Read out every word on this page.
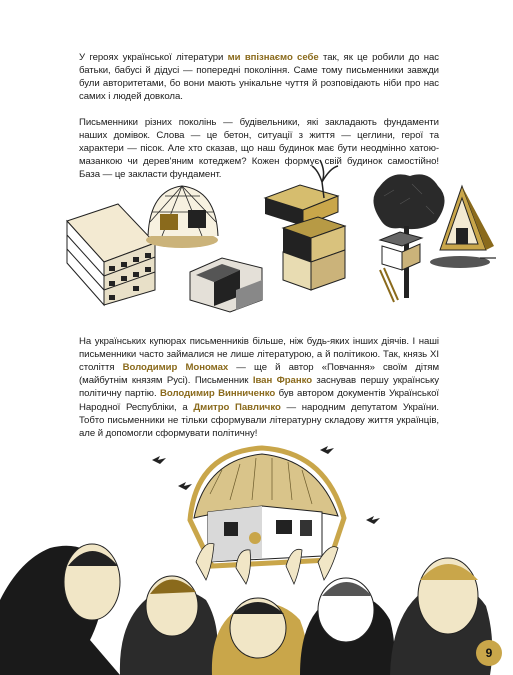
У героях української літератури ми впізнаємо себе так, як це робили до нас батьки, бабусі й дідусі — попередні покоління. Саме тому письменники завжди були авторитетами, бо вони мають унікальне чуття й розповідають ніби про нас самих і людей довкола.

Письменники різних поколінь — будівельники, які закладають фундаменти наших домівок. Слова — це бетон, ситуації з життя — цеглини, герої та характери — пісок. Але хто сказав, що наш будинок має бути неодмінно хатою-мазанкою чи дерев'яним котеджем? Кожен формує свій будинок самостійно! База — це закласти фундамент.

На українських купюрах письменників більше, ніж будь-яких інших діячів. І наші письменники часто займалися не лише літературою, а й політикою. Так, князь XI століття Володимир Мономах — ще й автор «Повчання» своїм дітям (майбутнім князям Русі). Письменник Іван Франко заснував першу українську політичну партію. Володимир Винниченко був автором документів Української Народної Республіки, а Дмитро Павличко — народним депутатом України. Тобто письменники не тільки сформували літературну складову життя українців, але й допомогли сформувати політичну!

9
